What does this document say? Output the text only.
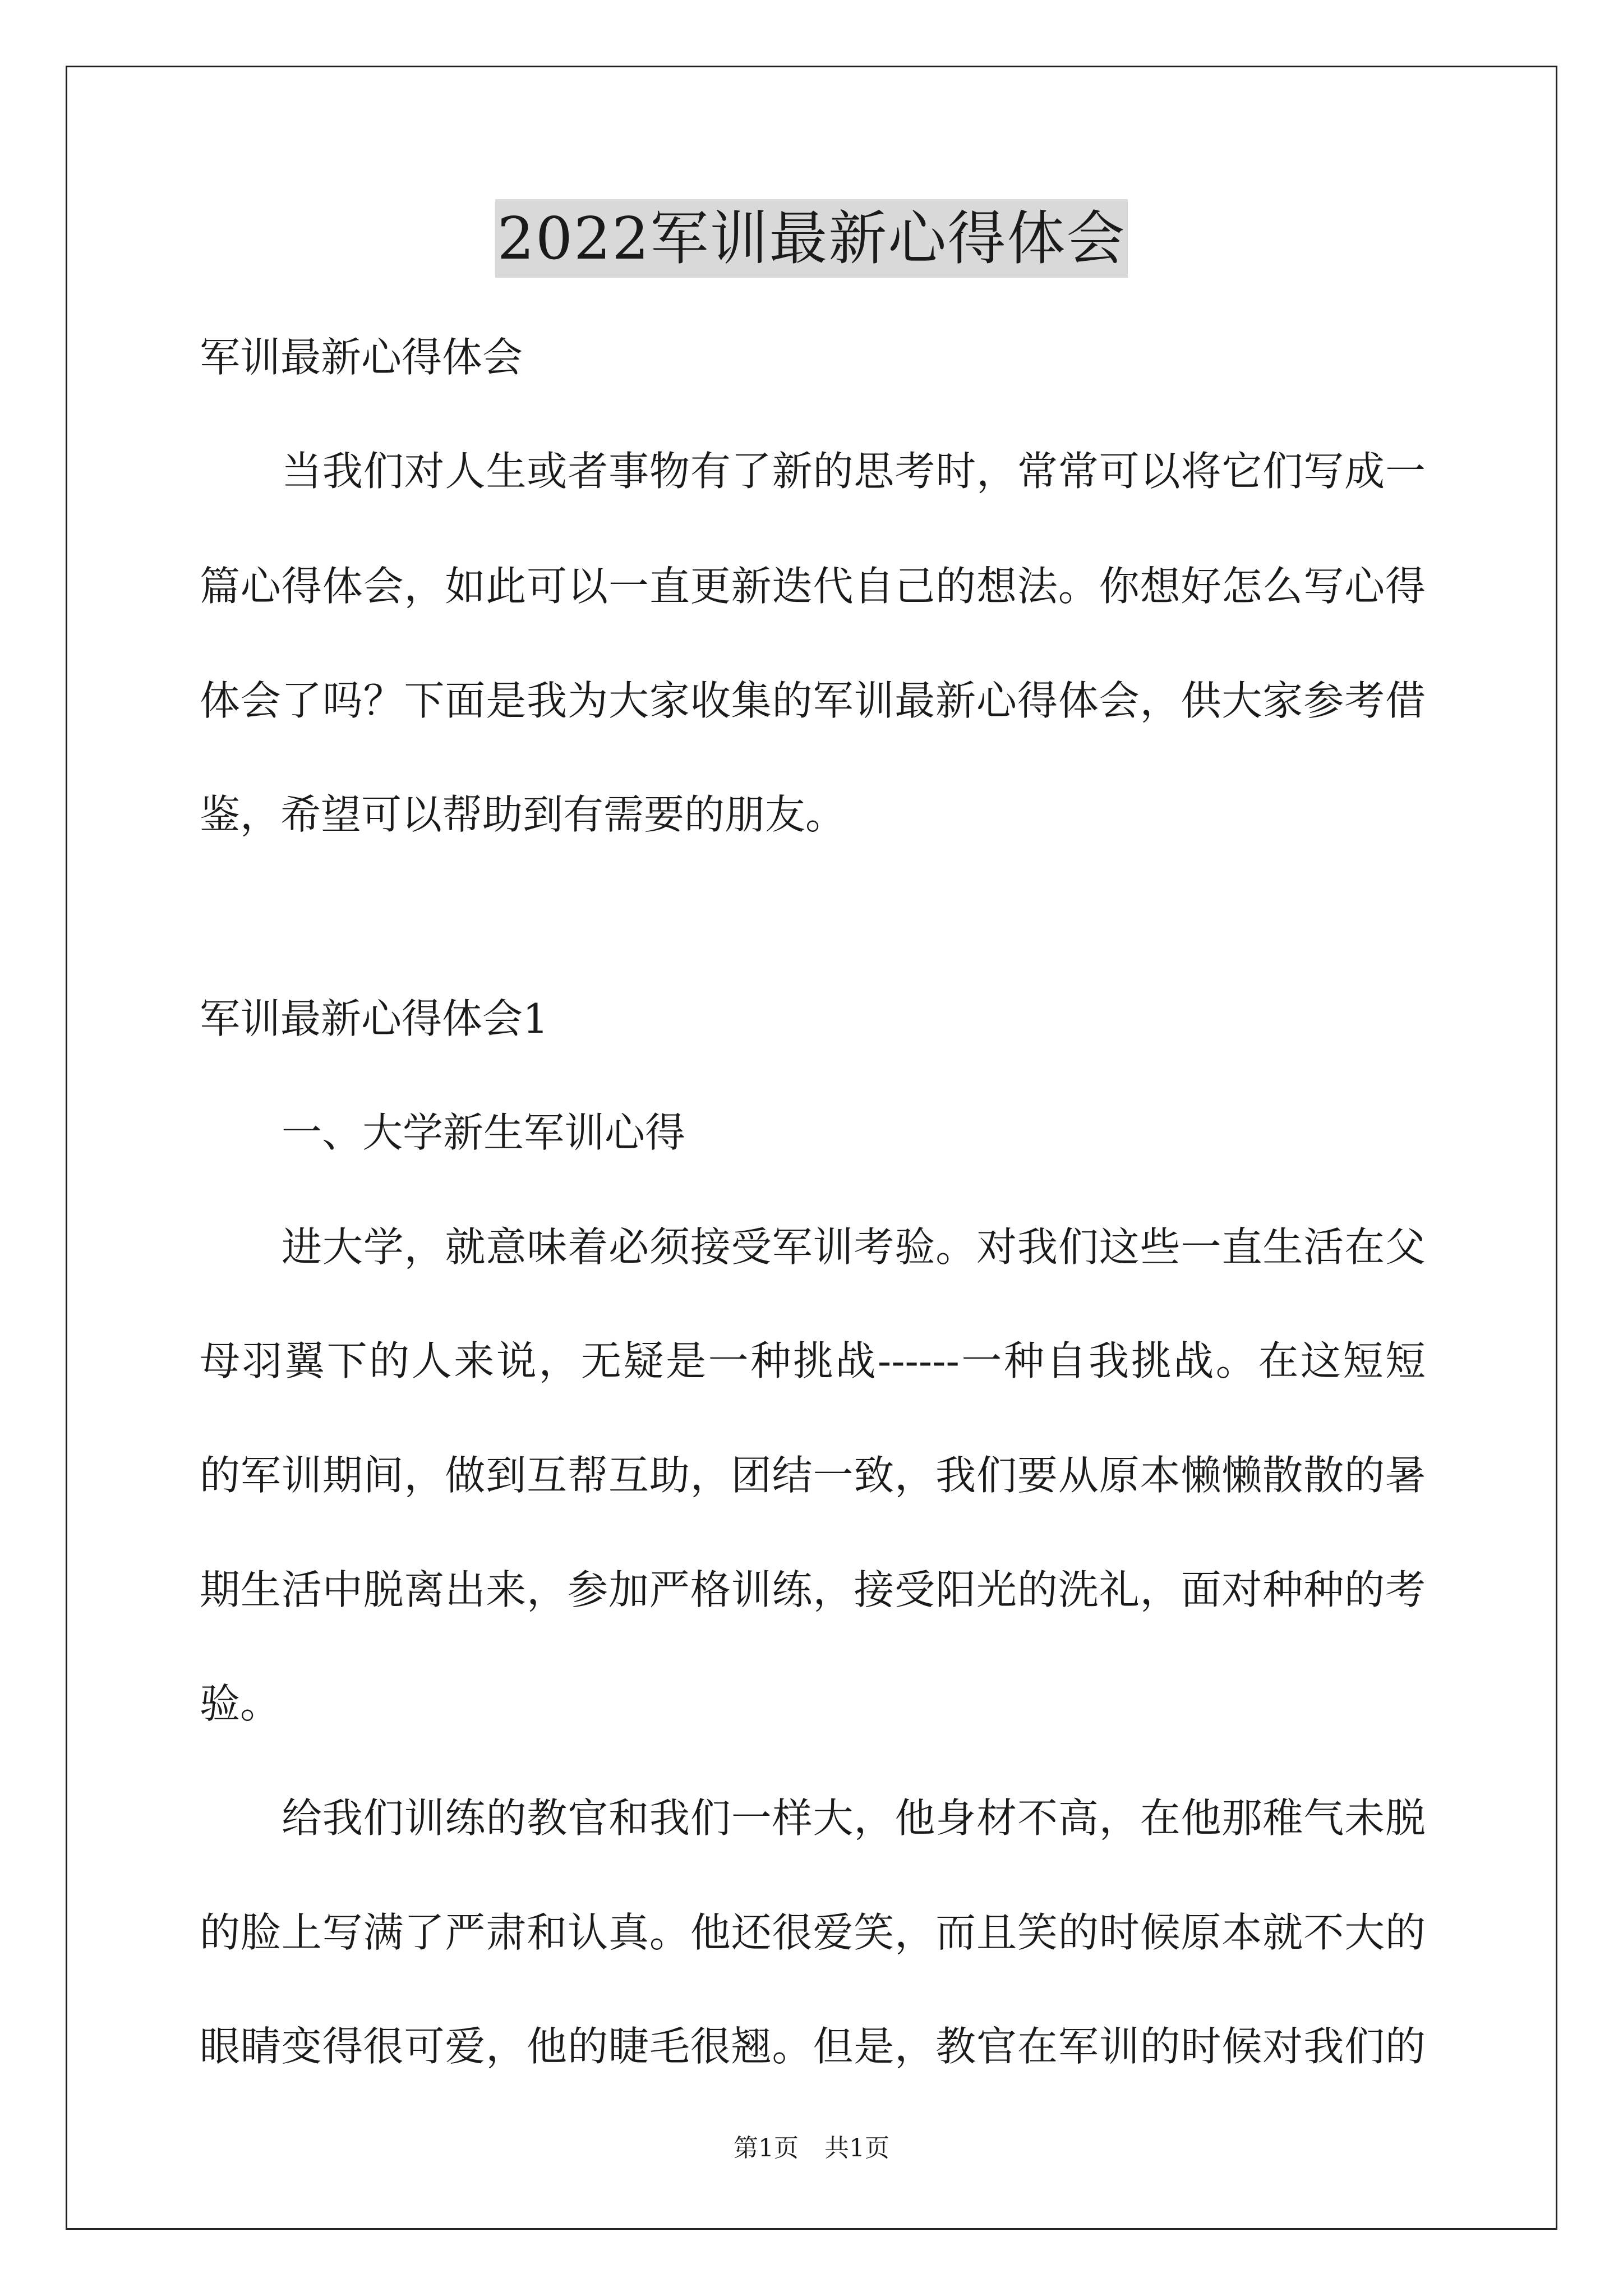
2022军训最新心得体会
军训最新心得体会
当我们对人生或者事物有了新的思考时，常常可以将它们写成一
篇心得体会，如此可以一直更新迭代自己的想法。你想好怎么写心得
体会了吗？下面是我为大家收集的军训最新心得体会，供大家参考借
鉴，希望可以帮助到有需要的朋友。
军训最新心得体会1
一、大学新生军训心得
进大学，就意味着必须接受军训考验。对我们这些一直生活在父
母羽翼下的人来说，无疑是一种挑战------一种自我挑战。在这短短
的军训期间，做到互帮互助，团结一致，我们要从原本懒懒散散的暑
期生活中脱离出来，参加严格训练，接受阳光的洗礼，面对种种的考
验。
给我们训练的教官和我们一样大，他身材不高，在他那稚气未脱
的脸上写满了严肃和认真。他还很爱笑，而且笑的时候原本就不大的
眼睛变得很可爱，他的睫毛很翘。但是，教官在军训的时候对我们的
第1页 共1页
